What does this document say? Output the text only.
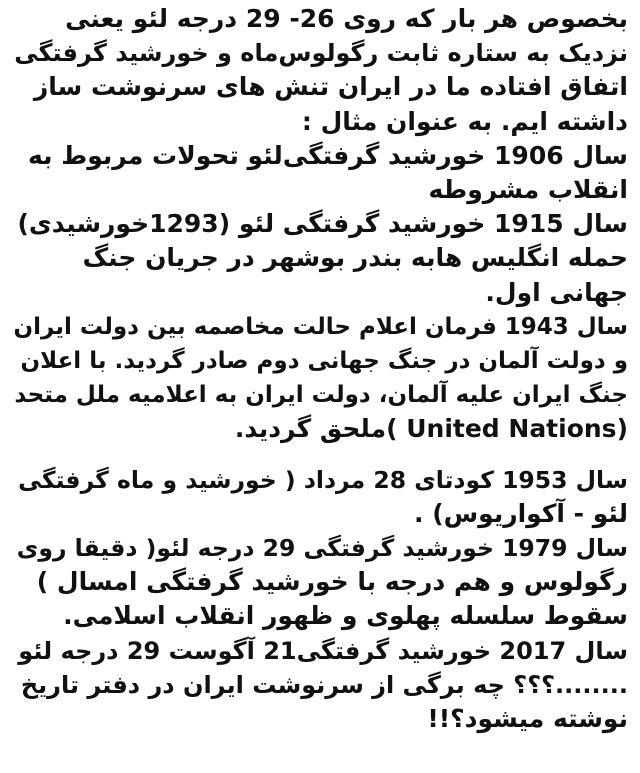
بخصوص هر بار که روی 26- 29 درجه لئو یعنی
نزدیک به ستاره ثابت رگولوس‌ماه و خورشید گرفتگی
اتفاق افتاده ما در ایران تنش های سرنوشت ساز
داشته ایم. به عنوان مثال :
سال 1906 خورشید گرفتگی‌لئو تحولات مربوط به
انقلاب مشروطه
سال 1915 خورشید گرفتگی لئو (1293خورشیدی)
حمله انگلیس هابه بندر بوشهر در جریان جنگ
جهانی اول.
سال 1943 فرمان اعلام حالت مخاصمه بین دولت ایران
و دولت آلمان در جنگ جهانی دوم صادر گردید. با اعلان
جنگ ایران علیه آلمان، دولت ایران به اعلامیه ملل متحد
(United Nations )ملحق گردید.
سال 1953 کودتای 28 مرداد ( خورشید و ماه گرفتگی
لئو - آکواریوس) .
سال 1979 خورشید گرفتگی 29 درجه لئو( دقیقا روی
رگولوس و هم درجه با خورشید گرفتگی امسال )
سقوط سلسله پهلوی و ظهور انقلاب اسلامی.
سال 2017 خورشید گرفتگی21 آگوست 29 درجه لئو
........؟؟؟ چه برگی از سرنوشت ایران در دفتر تاریخ
نوشته میشود؟!!
